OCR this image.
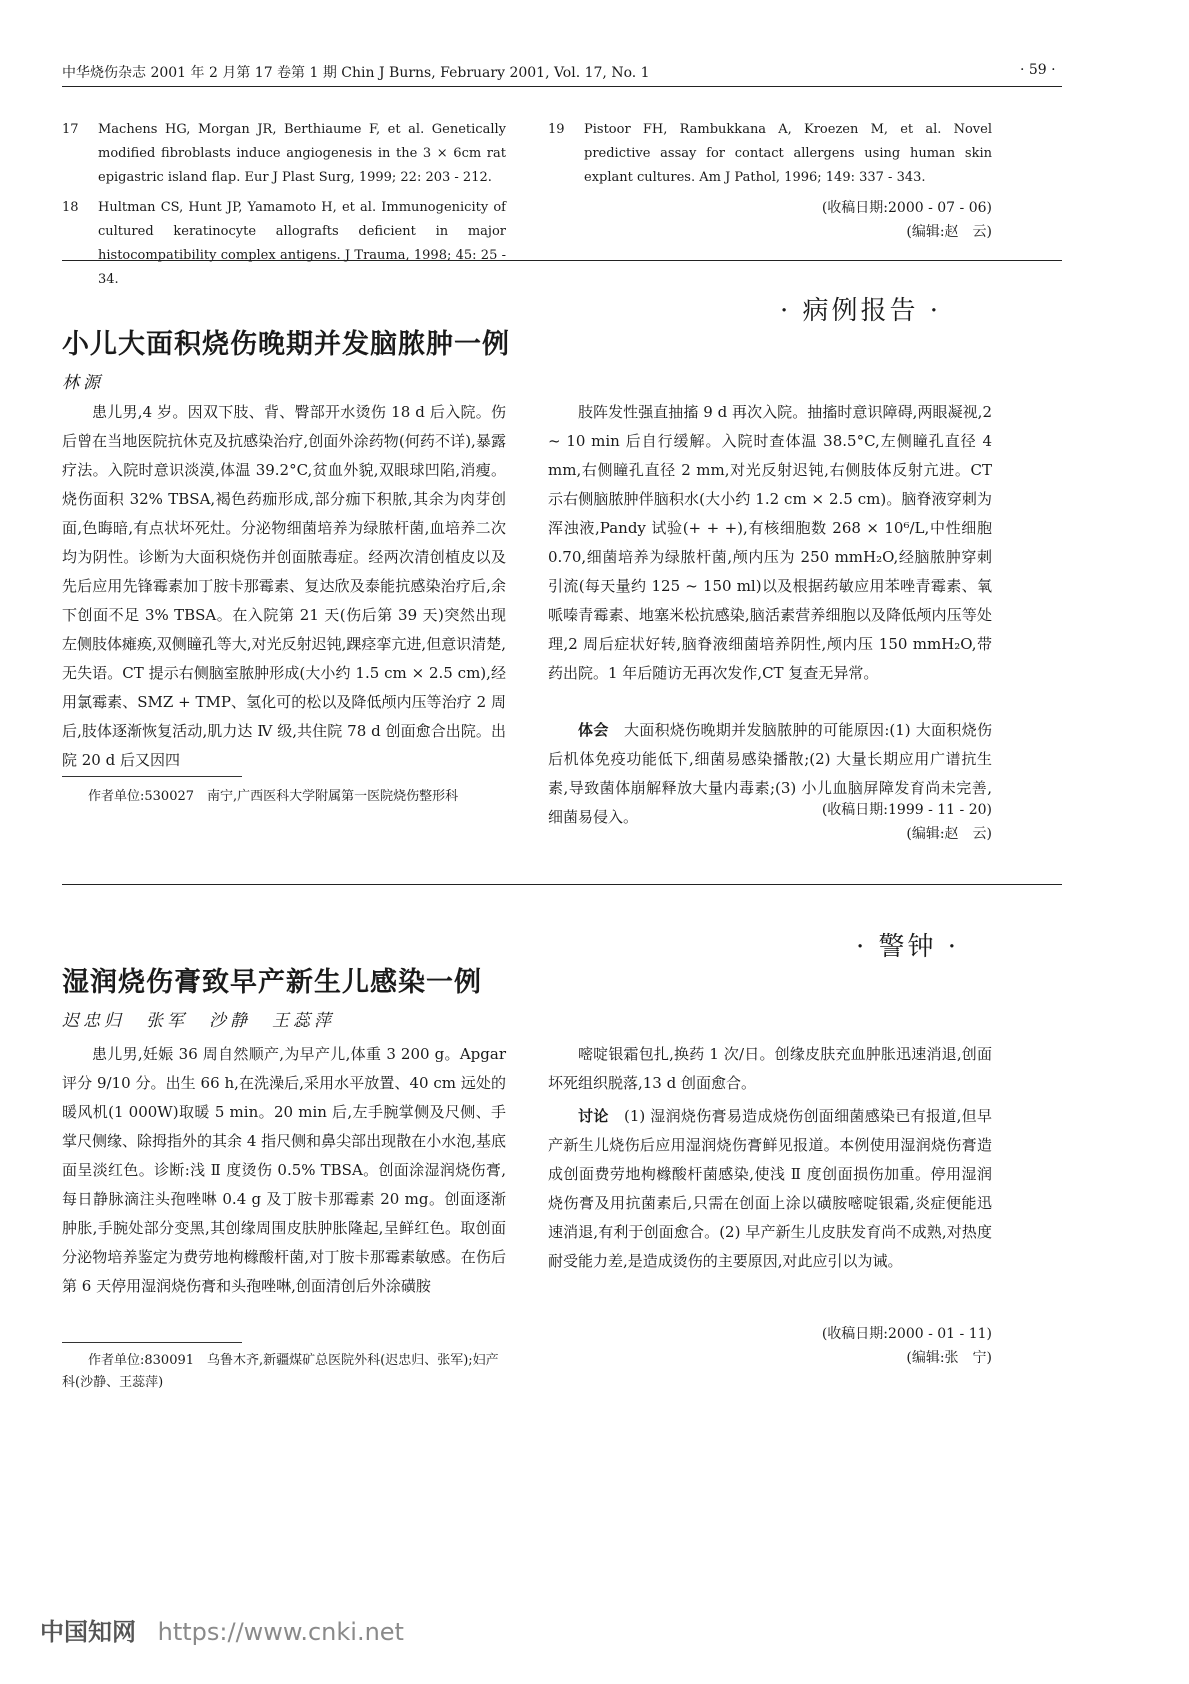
中华烧伤杂志 2001 年 2 月第 17 卷第 1 期 Chin J Burns, February 2001, Vol. 17, No. 1	· 59 ·
17 Machens HG, Morgan JR, Berthiaume F, et al. Genetically modified fibroblasts induce angiogenesis in the 3 × 6cm rat epigastric island flap. Eur J Plast Surg, 1999; 22: 203 - 212.
18 Hultman CS, Hunt JP, Yamamoto H, et al. Immunogenicity of cultured keratinocyte allografts deficient in major histocompatibility complex antigens. J Trauma, 1998; 45: 25 - 34.
19 Pistoor FH, Rambukkana A, Kroezen M, et al. Novel predictive assay for contact allergens using human skin explant cultures. Am J Pathol, 1996; 149: 337 - 343.
(收稿日期:2000 - 07 - 06)
(编辑:赵　云)
· 病例报告 ·
小儿大面积烧伤晚期并发脑脓肿一例
林源

患儿男,4 岁。因双下肢、背、臀部开水烫伤 18 d 后入院。伤后曾在当地医院抗休克及抗感染治疗,创面外涂药物(何药不详),暴露疗法。入院时意识淡漠,体温 39.2°C,贫血外貌,双眼球凹陷,消瘦。烧伤面积 32% TBSA,褐色药痂形成,部分痂下积脓,其余为肉芽创面,色晦暗,有点状坏死灶。分泌物细菌培养为绿脓杆菌,血培养二次均为阴性。诊断为大面积烧伤并创面脓毒症。经两次清创植皮以及先后应用先锋霉素加丁胺卡那霉素、复达欣及泰能抗感染治疗后,余下创面不足 3% TBSA。在入院第 21 天(伤后第 39 天)突然出现左侧肢体瘫痪,双侧瞳孔等大,对光反射迟钝,踝痉挛亢进,但意识清楚,无失语。CT 提示右侧脑室脓肿形成(大小约 1.5 cm × 2.5 cm),经用氯霉素、SMZ + TMP、氢化可的松以及降低颅内压等治疗 2 周后,肢体逐渐恢复活动,肌力达 Ⅳ 级,共住院 78 d 创面愈合出院。出院 20 d 后又因四

作者单位:530027　南宁,广西医科大学附属第一医院烧伤整形科

肢阵发性强直抽搐 9 d 再次入院。抽搐时意识障碍,两眼凝视,2 ~ 10 min 后自行缓解。入院时查体温 38.5°C,左侧瞳孔直径 4 mm,右侧瞳孔直径 2 mm,对光反射迟钝,右侧肢体反射亢进。CT 示右侧脑脓肿伴脑积水(大小约 1.2 cm × 2.5 cm)。脑脊液穿刺为浑浊液,Pandy 试验(+ + +),有核细胞数 268 × 10⁶/L,中性细胞 0.70,细菌培养为绿脓杆菌,颅内压为 250 mmH₂O,经脑脓肿穿刺引流(每天量约 125 ~ 150 ml)以及根据药敏应用苯唑青霉素、氧哌嗪青霉素、地塞米松抗感染,脑活素营养细胞以及降低颅内压等处理,2 周后症状好转,脑脊液细菌培养阴性,颅内压 150 mmH₂O,带药出院。1 年后随访无再次发作,CT 复查无异常。

体会　 大面积烧伤晚期并发脑脓肿的可能原因:(1) 大面积烧伤后机体免疫功能低下,细菌易感染播散;(2) 大量长期应用广谱抗生素,导致菌体崩解释放大量内毒素;(3) 小儿血脑屏障发育尚未完善,细菌易侵入。	(收稿日期:1999 - 11 - 20)
(编辑:赵　云)
· 警钟 ·
湿润烧伤膏致早产新生儿感染一例
迟忠归　张军　沙静　王蕊萍

患儿男,妊娠 36 周自然顺产,为早产儿,体重 3 200 g。Apgar 评分 9/10 分。出生 66 h,在洗澡后,采用水平放置、40 cm 远处的暖风机(1 000W)取暖 5 min。20 min 后,左手腕掌侧及尺侧、手掌尺侧缘、除拇指外的其余 4 指尺侧和鼻尖部出现散在小水泡,基底面呈淡红色。诊断:浅 Ⅱ 度烫伤 0.5% TBSA。创面涂湿润烧伤膏,每日静脉滴注头孢唑啉 0.4 g 及丁胺卡那霉素 20 mg。创面逐渐肿胀,手腕处部分变黑,其创缘周围皮肤肿胀隆起,呈鲜红色。取创面分泌物培养鉴定为费劳地枸橼酸杆菌,对丁胺卡那霉素敏感。在伤后第 6 天停用湿润烧伤膏和头孢唑啉,创面清创后外涂磺胺

作者单位:830091　乌鲁木齐,新疆煤矿总医院外科(迟忠归、张军);妇产科(沙静、王蕊萍)

嘧啶银霜包扎,换药 1 次/日。创缘皮肤充血肿胀迅速消退,创面坏死组织脱落,13 d 创面愈合。

讨论　 (1) 湿润烧伤膏易造成烧伤创面细菌感染已有报道,但早产新生儿烧伤后应用湿润烧伤膏鲜见报道。本例使用湿润烧伤膏造成创面费劳地枸橼酸杆菌感染,使浅 Ⅱ 度创面损伤加重。停用湿润烧伤膏及用抗菌素后,只需在创面上涂以磺胺嘧啶银霜,炎症便能迅速消退,有利于创面愈合。(2) 早产新生儿皮肤发育尚不成熟,对热度耐受能力差,是造成烫伤的主要原因,对此应引以为诫。

(收稿日期:2000 - 01 - 11)
(编辑:张　宁)
中国知网 https://www.cnki.net
